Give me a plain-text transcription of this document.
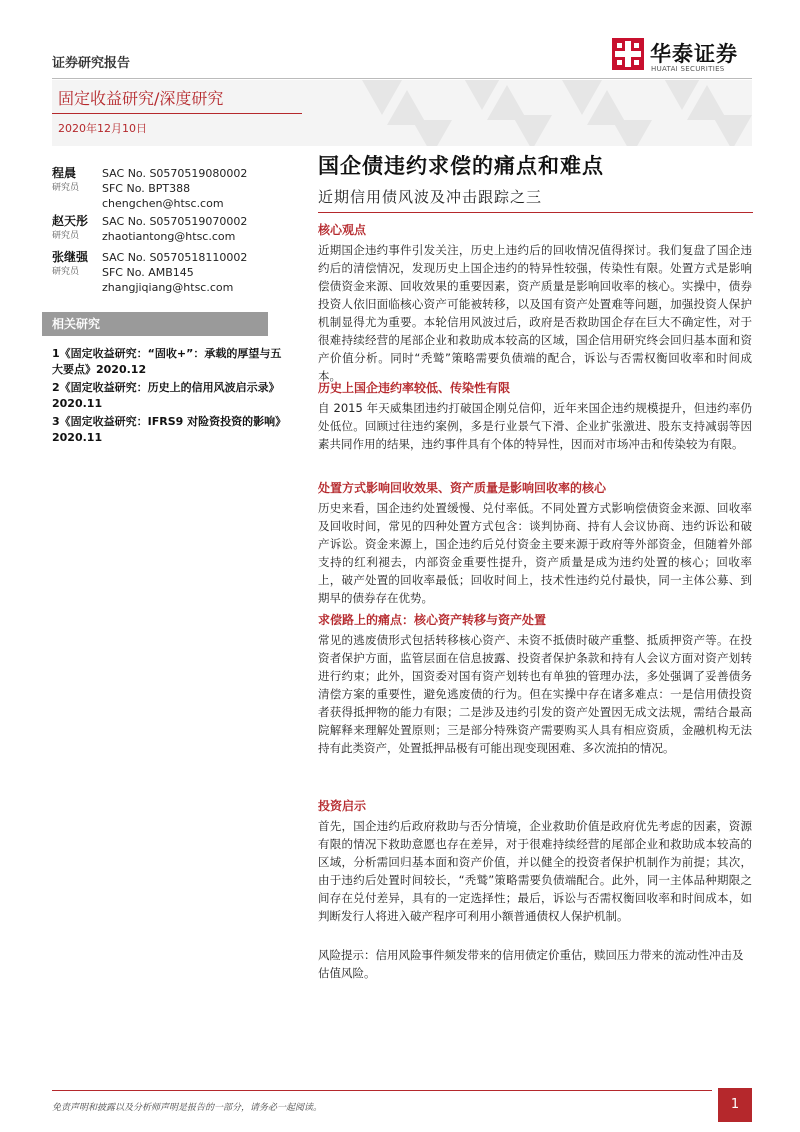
证券研究报告	华泰证券
HUATAI SECURITIES
固定收益研究/深度研究
2020年12月10日
程晨
研究员
SAC No. S0570519080002
SFC No. BPT388
chengchen@htsc.com
赵天彤
研究员
SAC No. S0570519070002
zhaotiantong@htsc.com
张继强
研究员
SAC No. S0570518110002
SFC No. AMB145
zhangjiqiang@htsc.com
相关研究
1《固定收益研究：“固收+”：承载的厚望与五大要点》2020.12
2《固定收益研究：历史上的信用风波启示录》2020.11
3《固定收益研究：IFRS9 对险资投资的影响》2020.11
国企债违约求偿的痛点和难点
近期信用债风波及冲击跟踪之三
核心观点
近期国企违约事件引发关注，历史上违约后的回收情况值得探讨。我们复盘了国企违约后的清偿情况，发现历史上国企违约的特异性较强，传染性有限。处置方式是影响偿债资金来源、回收效果的重要因素，资产质量是影响回收率的核心。实操中，债券投资人依旧面临核心资产可能被转移，以及国有资产处置难等问题，加强投资人保护机制显得尤为重要。本轮信用风波过后，政府是否救助国企存在巨大不确定性，对于很难持续经营的尾部企业和救助成本较高的区域，国企信用研究终会回归基本面和资产价值分析。同时“秃鹫”策略需要负债端的配合，诉讼与否需权衡回收率和时间成本。
历史上国企违约率较低、传染性有限
自 2015 年天威集团违约打破国企刚兑信仰，近年来国企违约规模提升，但违约率仍处低位。回顾过往违约案例，多是行业景气下滑、企业扩张激进、股东支持减弱等因素共同作用的结果，违约事件具有个体的特异性，因而对市场冲击和传染较为有限。
处置方式影响回收效果、资产质量是影响回收率的核心
历史来看，国企违约处置缓慢、兑付率低。不同处置方式影响偿债资金来源、回收率及回收时间，常见的四种处置方式包含：谈判协商、持有人会议协商、违约诉讼和破产诉讼。资金来源上，国企违约后兑付资金主要来源于政府等外部资金，但随着外部支持的红利褪去，内部资金重要性提升，资产质量是成为违约处置的核心；回收率上，破产处置的回收率最低；回收时间上，技术性违约兑付最快，同一主体公募、到期早的债券存在优势。
求偿路上的痛点：核心资产转移与资产处置
常见的逃废债形式包括转移核心资产、未资不抵债时破产重整、抵质押资产等。在投资者保护方面，监管层面在信息披露、投资者保护条款和持有人会议方面对资产划转进行约束；此外，国资委对国有资产划转也有单独的管理办法，多处强调了妥善债务清偿方案的重要性，避免逃废债的行为。但在实操中存在诸多难点：一是信用债投资者获得抵押物的能力有限；二是涉及违约引发的资产处置因无成文法规，需结合最高院解释来理解处置原则；三是部分特殊资产需要购买人具有相应资质，金融机构无法持有此类资产，处置抵押品极有可能出现变现困难、多次流拍的情况。
投资启示
首先，国企违约后政府救助与否分情境，企业救助价值是政府优先考虑的因素，资源有限的情况下救助意愿也存在差异，对于很难持续经营的尾部企业和救助成本较高的区域，分析需回归基本面和资产价值，并以健全的投资者保护机制作为前提；其次，由于违约后处置时间较长，“秃鹫”策略需要负债端配合。此外，同一主体品种期限之间存在兑付差异，具有的一定选择性；最后，诉讼与否需权衡回收率和时间成本，如判断发行人将进入破产程序可利用小额普通债权人保护机制。
风险提示：信用风险事件频发带来的信用债定价重估，赎回压力带来的流动性冲击及估值风险。
免责声明和披露以及分析师声明是报告的一部分，请务必一起阅读。	1
